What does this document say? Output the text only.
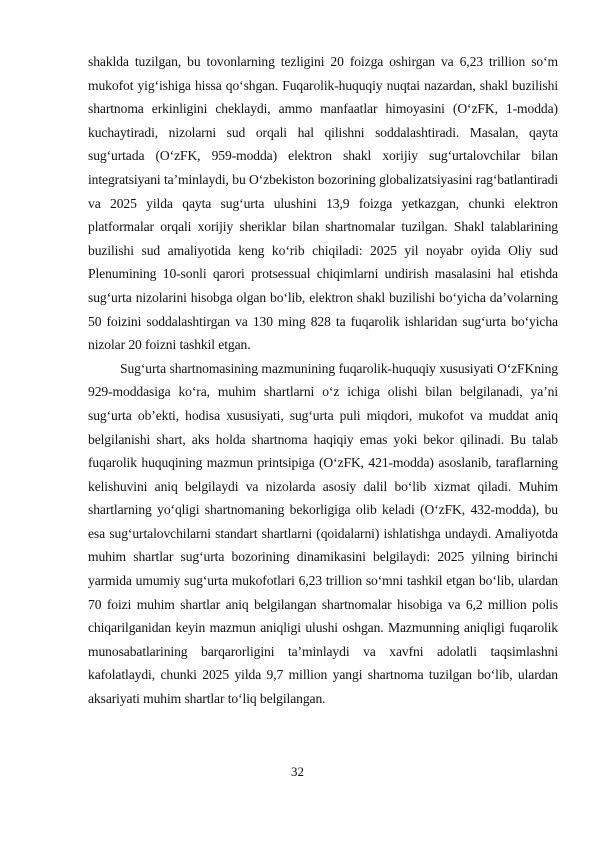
shaklda tuzilgan, bu tovonlarning tezligini 20 foizga oshirgan va 6,23 trillion so‘m mukofot yig‘ishiga hissa qo‘shgan. Fuqarolik-huquqiy nuqtai nazardan, shakl buzilishi shartnoma erkinligini cheklaydi, ammo manfaatlar himoyasini (O‘zFK, 1-modda) kuchaytiradi, nizolarni sud orqali hal qilishni soddalashtiradi. Masalan, qayta sug‘urtada (O‘zFK, 959-modda) elektron shakl xorijiy sug‘urtalovchilar bilan integratsiyani ta’minlaydi, bu O‘zbekiston bozorining globalizatsiyasini rag‘batlantiradi va 2025 yilda qayta sug‘urta ulushini 13,9 foizga yetkazgan, chunki elektron platformalar orqali xorijiy sheriklar bilan shartnomalar tuzilgan. Shakl talablarining buzilishi sud amaliyotida keng ko‘rib chiqiladi: 2025 yil noyabr oyida Oliy sud Plenumining 10-sonli qarori protsessual chiqimlarni undirish masalasini hal etishda sug‘urta nizolarini hisobga olgan bo‘lib, elektron shakl buzilishi bo‘yicha da’volarning 50 foizini soddalashtirgan va 130 ming 828 ta fuqarolik ishlaridan sug‘urta bo‘yicha nizolar 20 foizni tashkil etgan.

Sug‘urta shartnomasining mazmunining fuqarolik-huquqiy xususiyati O‘zFKning 929-moddasiga ko‘ra, muhim shartlarni o‘z ichiga olishi bilan belgilanadi, ya’ni sug‘urta ob’ekti, hodisa xususiyati, sug‘urta puli miqdori, mukofot va muddat aniq belgilanishi shart, aks holda shartnoma haqiqiy emas yoki bekor qilinadi. Bu talab fuqarolik huquqining mazmun printsipiga (O‘zFK, 421-modda) asoslanib, taraflarning kelishuvini aniq belgilaydi va nizolarda asosiy dalil bo‘lib xizmat qiladi. Muhim shartlarning yo‘qligi shartnomaning bekorligiga olib keladi (O‘zFK, 432-modda), bu esa sug‘urtalovchilarni standart shartlarni (qoidalarni) ishlatishga undaydi. Amaliyotda muhim shartlar sug‘urta bozorining dinamikasini belgilaydi: 2025 yilning birinchi yarmida umumiy sug‘urta mukofotlari 6,23 trillion so‘mni tashkil etgan bo‘lib, ulardan 70 foizi muhim shartlar aniq belgilangan shartnomalar hisobiga va 6,2 million polis chiqarilganidan keyin mazmun aniqligi ulushi oshgan. Mazmunning aniqligi fuqarolik munosabatlarining barqarorligini ta’minlaydi va xavfni adolatli taqsimlashni kafolatlaydi, chunki 2025 yilda 9,7 million yangi shartnoma tuzilgan bo‘lib, ulardan aksariyati muhim shartlar to‘liq belgilangan.

32
